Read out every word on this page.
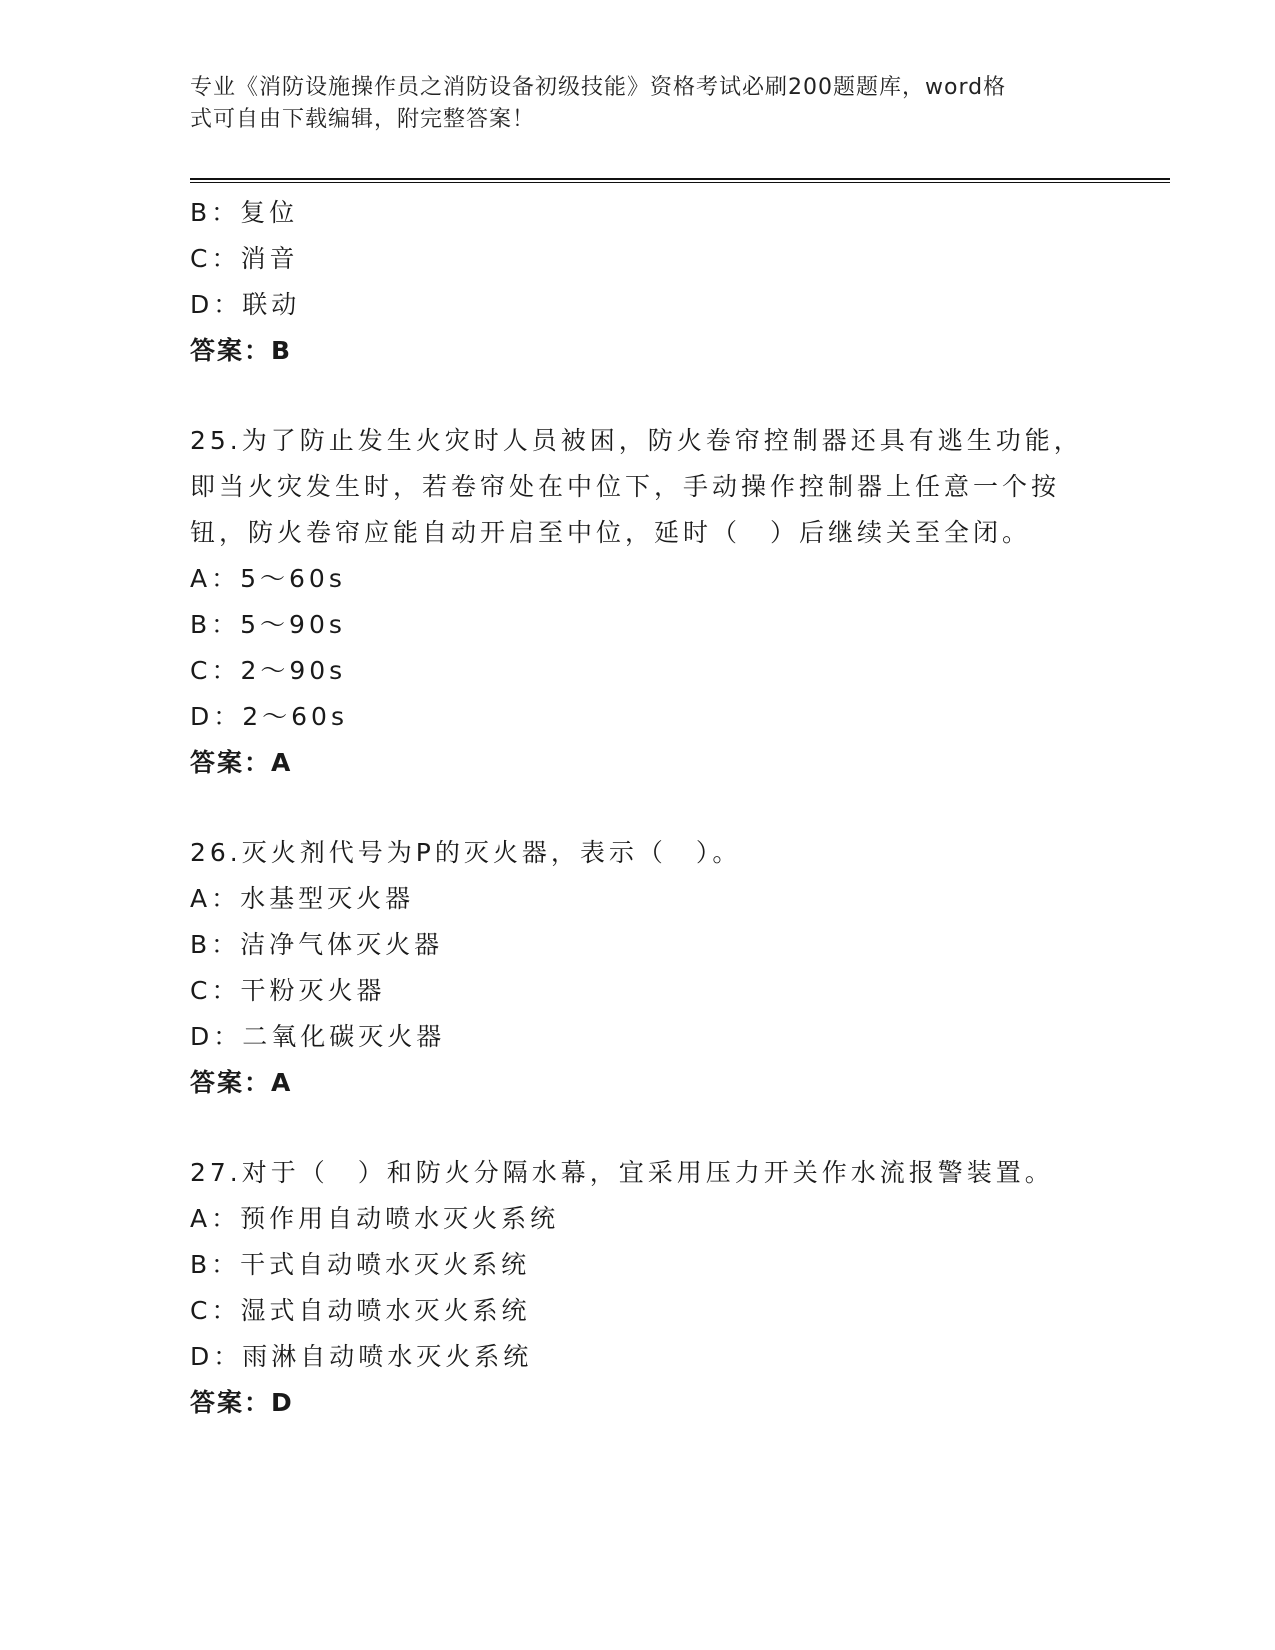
专业《消防设施操作员之消防设备初级技能》资格考试必刷200题题库，word格
式可自由下载编辑，附完整答案！
B：复位
C：消音
D：联动
答案：B
25.为了防止发生火灾时人员被困，防火卷帘控制器还具有逃生功能，
即当火灾发生时，若卷帘处在中位下，手动操作控制器上任意一个按
钮，防火卷帘应能自动开启至中位，延时（　）后继续关至全闭。
A：5～60s
B：5～90s
C：2～90s
D：2～60s
答案：A
26.灭火剂代号为P的灭火器，表示（　）。
A：水基型灭火器
B：洁净气体灭火器
C：干粉灭火器
D：二氧化碳灭火器
答案：A
27.对于（　）和防火分隔水幕，宜采用压力开关作水流报警装置。
A：预作用自动喷水灭火系统
B：干式自动喷水灭火系统
C：湿式自动喷水灭火系统
D：雨淋自动喷水灭火系统
答案：D
